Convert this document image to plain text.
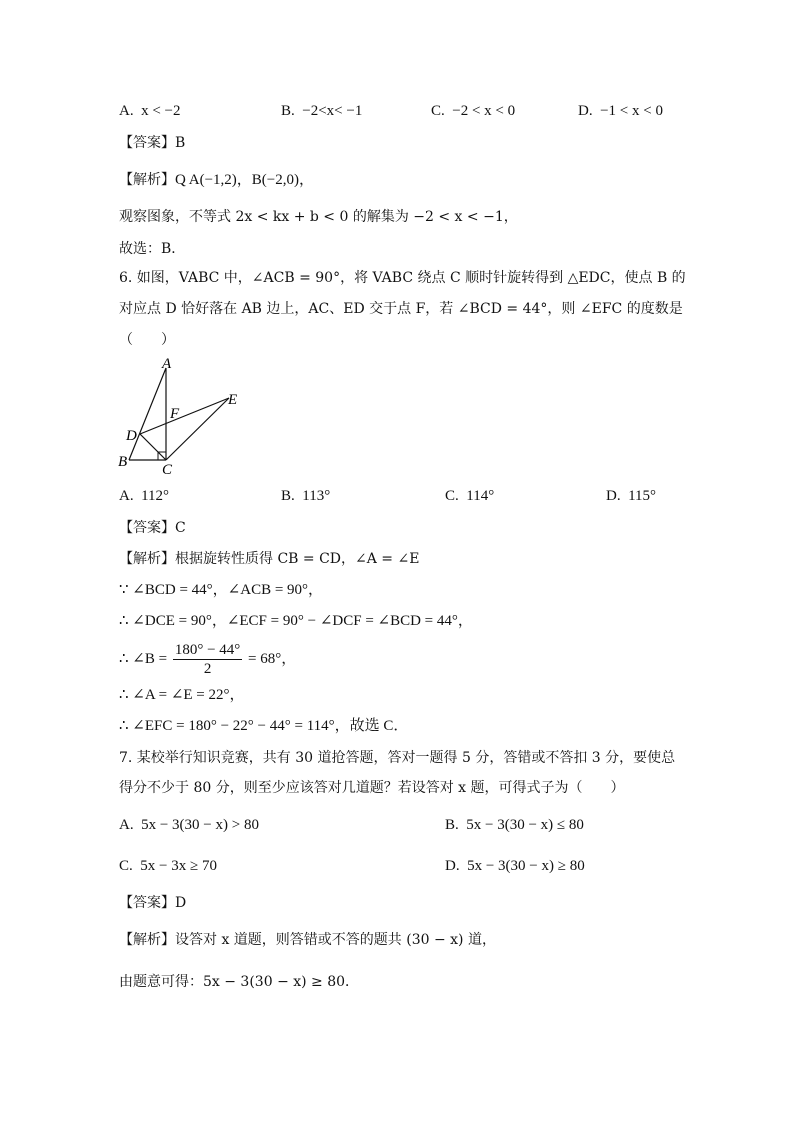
A. x < −2	B. −2<x< −1	C. −2 < x < 0	D. −1 < x < 0
【答案】B
【解析】Q A(−1,2)，B(−2,0)，
观察图象，不等式 2x < kx + b < 0 的解集为 −2 < x < −1，
故选：B．
6. 如图，VABC 中，∠ACB = 90°，将 VABC 绕点 C 顺时针旋转得到 △EDC，使点 B 的
对应点 D 恰好落在 AB 边上，AC、ED 交于点 F，若 ∠BCD = 44°，则 ∠EFC 的度数是
（　　）
A
F
E
D
B C
A. 112°	B. 113°	C. 114°	D. 115°
【答案】C
【解析】根据旋转性质得 CB = CD，∠A = ∠E
∵ ∠BCD = 44°，∠ACB = 90°，
∴ ∠DCE = 90°，∠ECF = 90° − ∠DCF = ∠BCD = 44°，
∴ ∠B = $\frac{180^\circ - 44^\circ}{2} = 68^\circ$，
∴ ∠A = ∠E = 22°，
∴ ∠EFC = 180° − 22° − 44° = 114°，故选 C．
7. 某校举行知识竞赛，共有 30 道抢答题，答对一题得 5 分，答错或不答扣 3 分，要使总
得分不少于 80 分，则至少应该答对几道题？若设答对 x 题，可得式子为（　　）
A. 5x − 3(30 − x) > 80	B. 5x − 3(30 − x) ≤ 80
C. 5x − 3x ≥ 70	D. 5x − 3(30 − x) ≥ 80
【答案】D
【解析】设答对 x 道题，则答错或不答的题共 (30 − x) 道，
由题意可得：5x − 3(30 − x) ≥ 80．
